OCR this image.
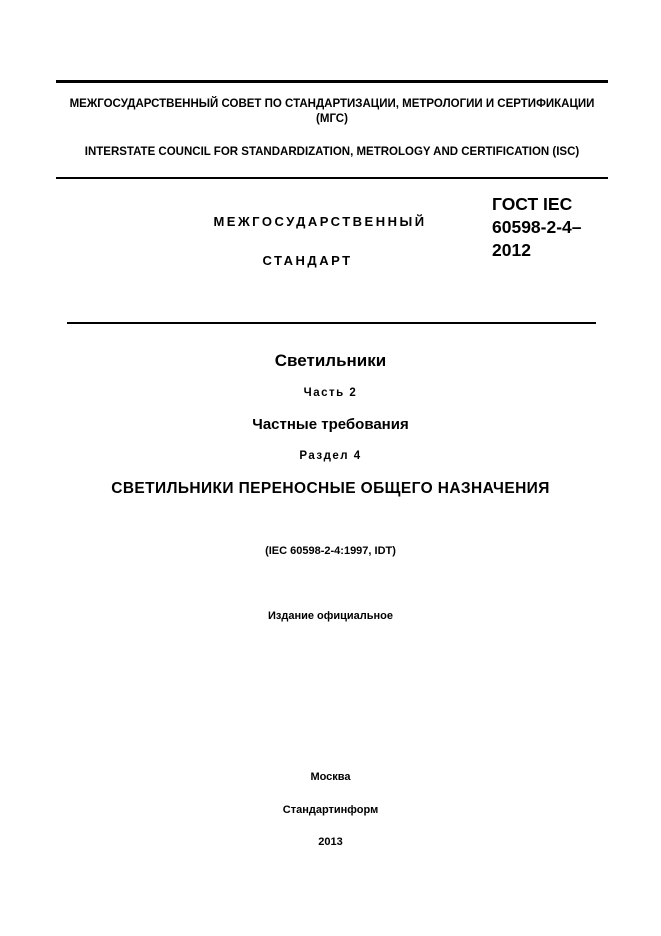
МЕЖГОСУДАРСТВЕННЫЙ СОВЕТ ПО СТАНДАРТИЗАЦИИ, МЕТРОЛОГИИ И СЕРТИФИКАЦИИ (МГС)
INTERSTATE COUNCIL FOR STANDARDIZATION, METROLOGY AND CERTIFICATION (ISC)
МЕЖГОСУДАРСТВЕННЫЙ
СТАНДАРТ
ГОСТ IEC
60598-2-4–
2012
Светильники
Часть 2
Частные требования
Раздел 4
СВЕТИЛЬНИКИ ПЕРЕНОСНЫЕ ОБЩЕГО НАЗНАЧЕНИЯ
(IEC 60598-2-4:1997, IDT)
Издание официальное
Москва
Стандартинформ
2013
